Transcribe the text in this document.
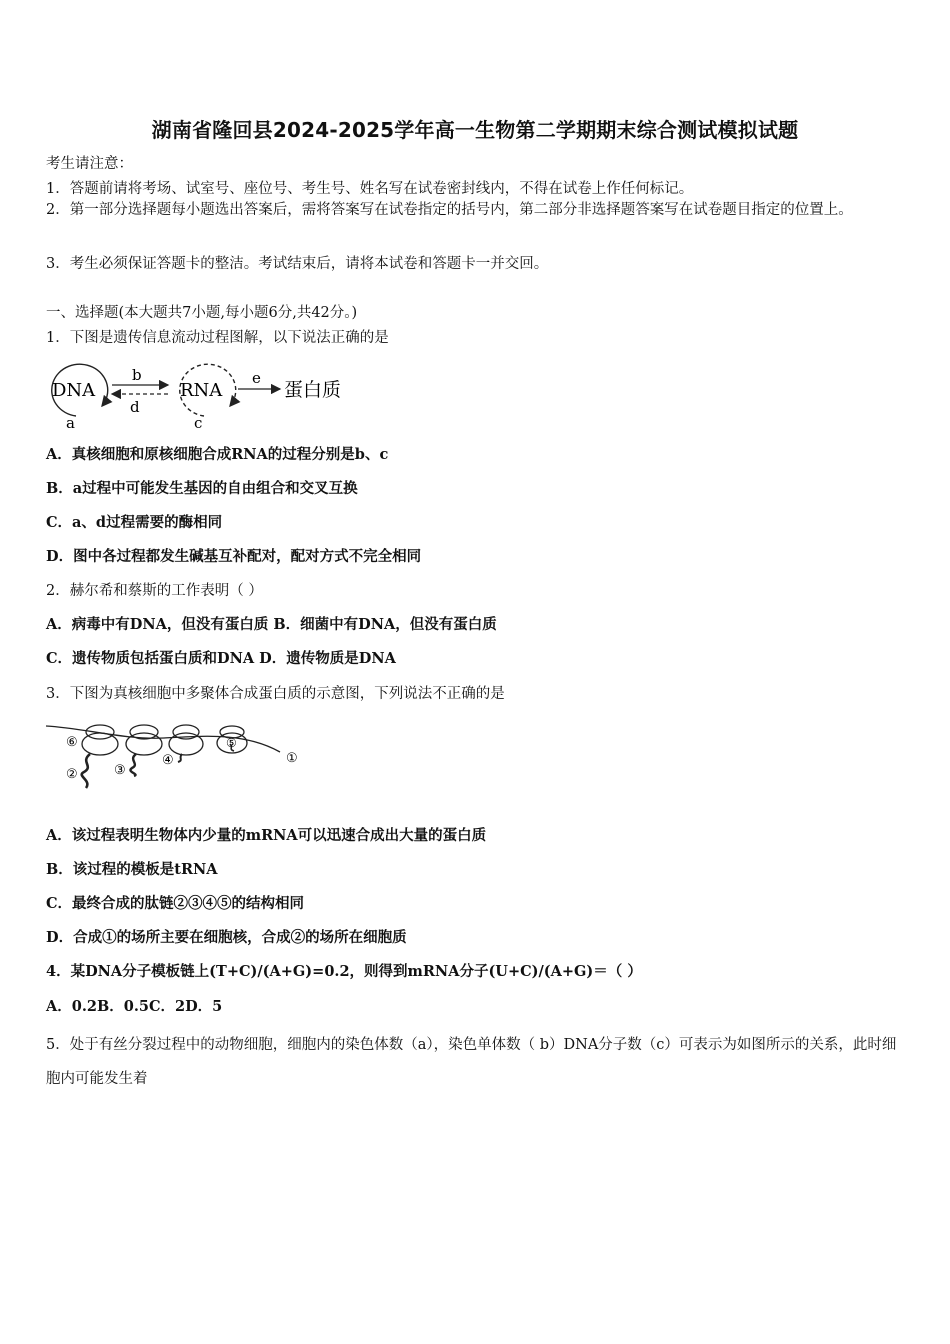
湖南省隆回县2024-2025学年高一生物第二学期期末综合测试模拟试题
考生请注意：
1．答题前请将考场、试室号、座位号、考生号、姓名写在试卷密封线内，不得在试卷上作任何标记。
2．第一部分选择题每小题选出答案后，需将答案写在试卷指定的括号内，第二部分非选择题答案写在试卷题目指定的位置上。
3．考生必须保证答题卡的整洁。考试结束后，请将本试卷和答题卡一并交回。
一、选择题(本大题共7小题,每小题6分,共42分。)
1．下图是遗传信息流动过程图解，以下说法正确的是
DNA
a
b
d
RNA
c
e
蛋白质
A．真核细胞和原核细胞合成RNA的过程分别是b、c
B．a过程中可能发生基因的自由组合和交叉互换
C．a、d过程需要的酶相同
D．图中各过程都发生碱基互补配对，配对方式不完全相同
2．赫尔希和蔡斯的工作表明（ ）
A．病毒中有DNA，但没有蛋白质 B．细菌中有DNA，但没有蛋白质
C．遗传物质包括蛋白质和DNA D．遗传物质是DNA
3．下图为真核细胞中多聚体合成蛋白质的示意图，下列说法不正确的是
⑥
②	③
④
⑤
①
A．该过程表明生物体内少量的mRNA可以迅速合成出大量的蛋白质
B．该过程的模板是tRNA
C．最终合成的肽链②③④⑤的结构相同
D．合成①的场所主要在细胞核，合成②的场所在细胞质
4．某DNA分子模板链上(T+C)/(A+G)=0.2，则得到mRNA分子(U+C)/(A+G)＝（ ）
A．0.2B．0.5C．2D．5
5．处于有丝分裂过程中的动物细胞，细胞内的染色体数（a），染色单体数（ b）DNA分子数（c）可表示为如图所示的关系，此时细胞内可能发生着
